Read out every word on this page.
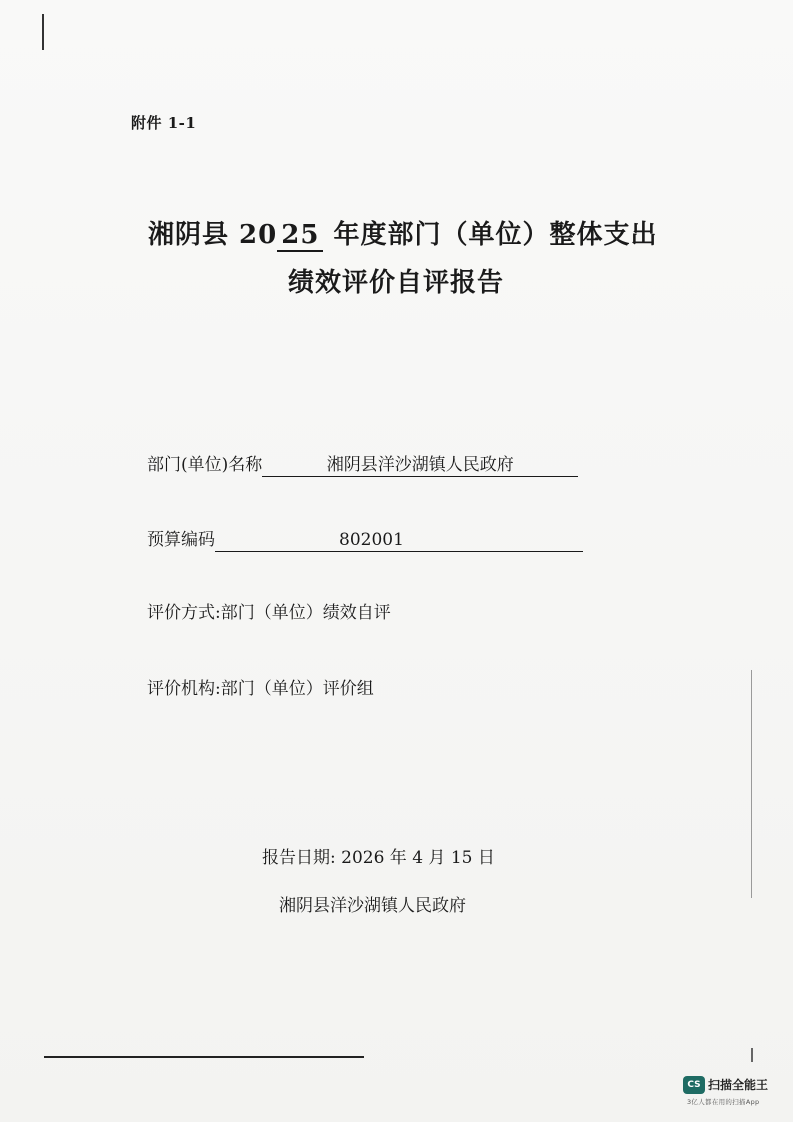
附件 1-1
湘阴县 20 25 年度部门（单位）整体支出
绩效评价自评报告
部门(单位)名称	湘阴县洋沙湖镇人民政府
预算编码	802001
评价方式:部门（单位）绩效自评
评价机构:部门（单位）评价组
报告日期: 2026 年 4 月 15 日
湘阴县洋沙湖镇人民政府
CS 扫描全能王
3亿人都在用的扫描App
